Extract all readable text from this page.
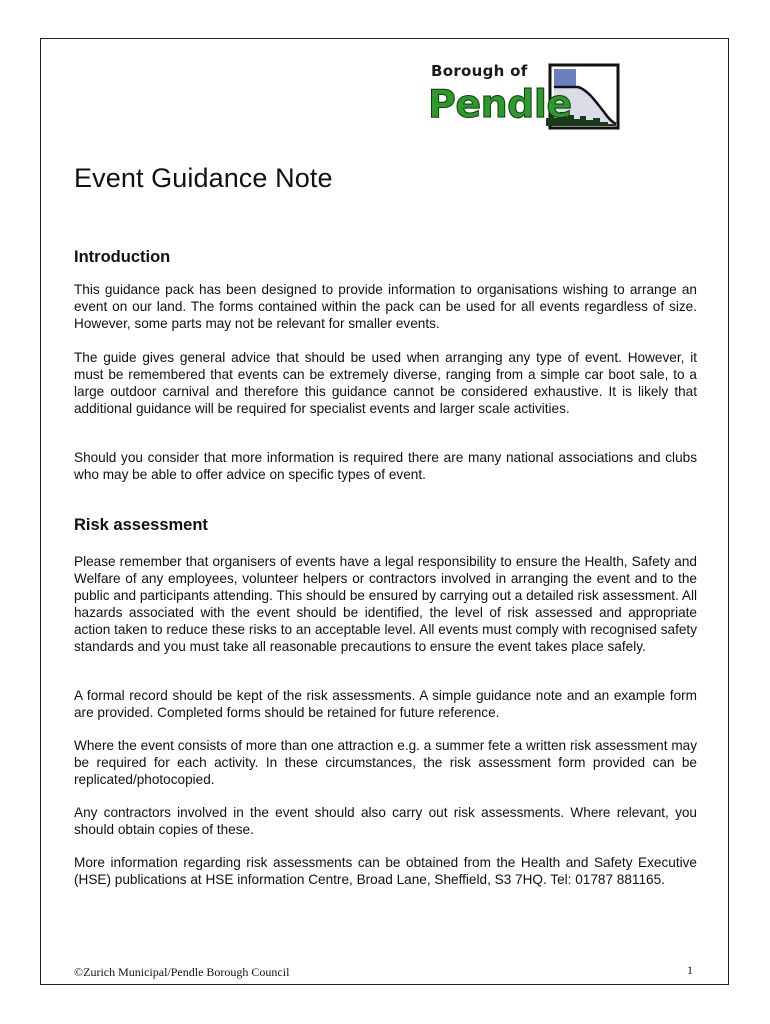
Borough of
Pendle
Event Guidance Note
Introduction

This guidance pack has been designed to provide information to organisations wishing to arrange an event on our land. The forms contained within the pack can be used for all events regardless of size. However, some parts may not be relevant for smaller events.

The guide gives general advice that should be used when arranging any type of event. However, it must be remembered that events can be extremely diverse, ranging from a simple car boot sale, to a large outdoor carnival and therefore this guidance cannot be considered exhaustive. It is likely that additional guidance will be required for specialist events and larger scale activities.

Should you consider that more information is required there are many national associations and clubs who may be able to offer advice on specific types of event.

Risk assessment

Please remember that organisers of events have a legal responsibility to ensure the Health, Safety and Welfare of any employees, volunteer helpers or contractors involved in arranging the event and to the public and participants attending. This should be ensured by carrying out a detailed risk assessment. All hazards associated with the event should be identified, the level of risk assessed and appropriate action taken to reduce these risks to an acceptable level. All events must comply with recognised safety standards and you must take all reasonable precautions to ensure the event takes place safely.

A formal record should be kept of the risk assessments. A simple guidance note and an example form are provided. Completed forms should be retained for future reference.

Where the event consists of more than one attraction e.g. a summer fete a written risk assessment may be required for each activity. In these circumstances, the risk assessment form provided can be replicated/photocopied.

Any contractors involved in the event should also carry out risk assessments. Where relevant, you should obtain copies of these.

More information regarding risk assessments can be obtained from the Health and Safety Executive (HSE) publications at HSE information Centre, Broad Lane, Sheffield, S3 7HQ. Tel: 01787 881165.

©Zurich Municipal/Pendle Borough Council	1
